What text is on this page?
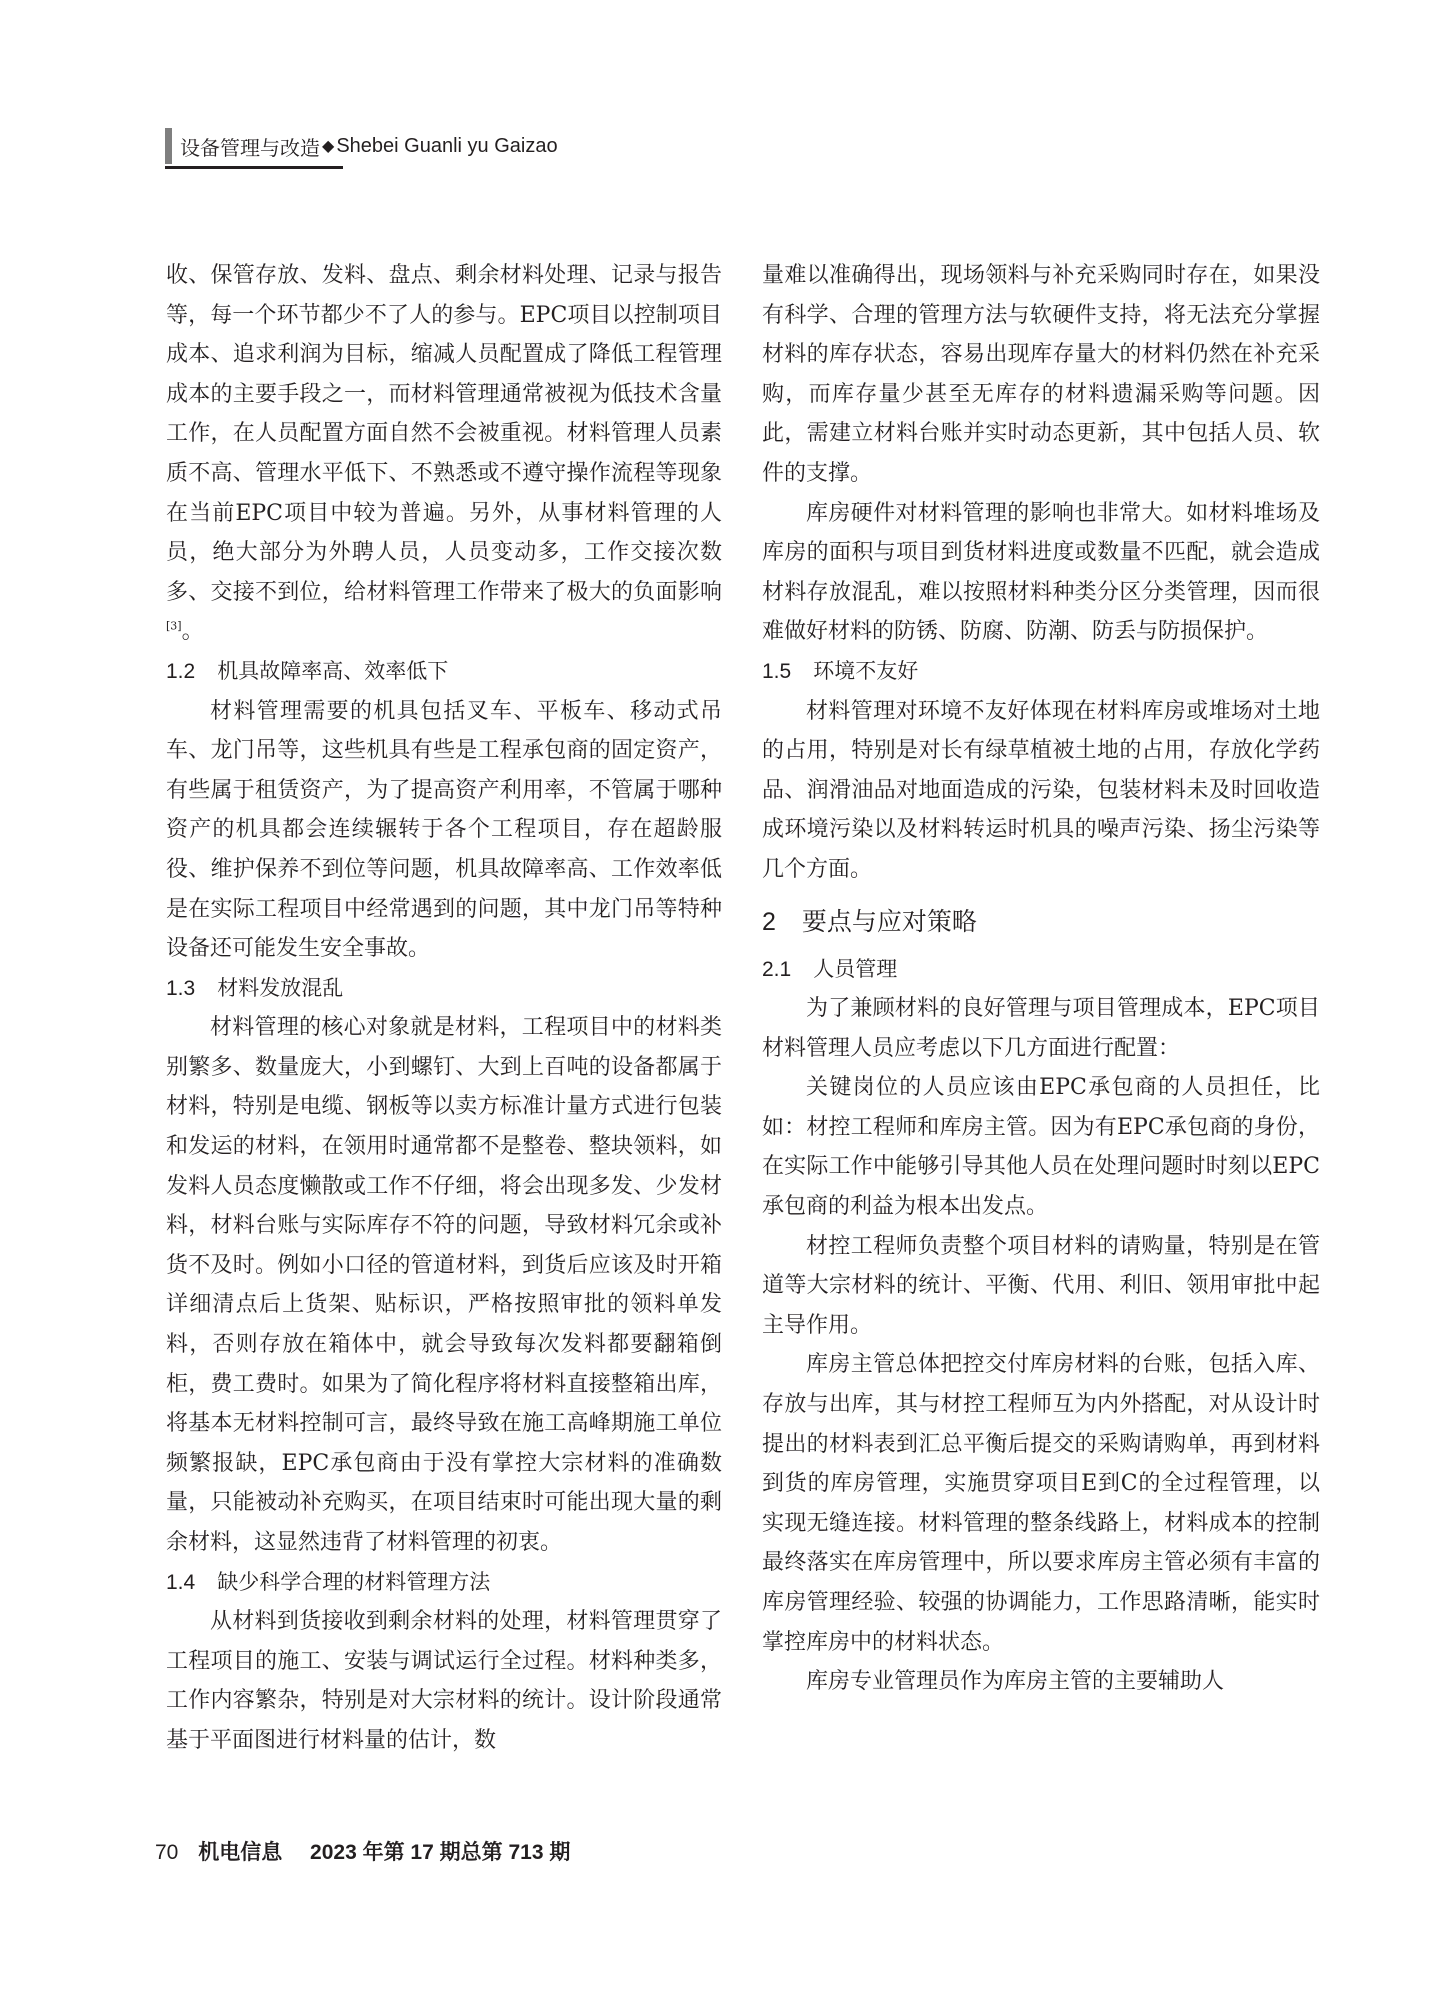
设备管理与改造 ◆ Shebei Guanli yu Gaizao

收、保管存放、发料、盘点、剩余材料处理、记录与报告等，每一个环节都少不了人的参与。EPC项目以控制项目成本、追求利润为目标，缩减人员配置成了降低工程管理成本的主要手段之一，而材料管理通常被视为低技术含量工作，在人员配置方面自然不会被重视。材料管理人员素质不高、管理水平低下、不熟悉或不遵守操作流程等现象在当前EPC项目中较为普遍。另外，从事材料管理的人员，绝大部分为外聘人员，人员变动多，工作交接次数多、交接不到位，给材料管理工作带来了极大的负面影响[3]。

1.2 机具故障率高、效率低下

材料管理需要的机具包括叉车、平板车、移动式吊车、龙门吊等，这些机具有些是工程承包商的固定资产，有些属于租赁资产，为了提高资产利用率，不管属于哪种资产的机具都会连续辗转于各个工程项目，存在超龄服役、维护保养不到位等问题，机具故障率高、工作效率低是在实际工程项目中经常遇到的问题，其中龙门吊等特种设备还可能发生安全事故。

1.3 材料发放混乱

材料管理的核心对象就是材料，工程项目中的材料类别繁多、数量庞大，小到螺钉、大到上百吨的设备都属于材料，特别是电缆、钢板等以卖方标准计量方式进行包装和发运的材料，在领用时通常都不是整卷、整块领料，如发料人员态度懒散或工作不仔细，将会出现多发、少发材料，材料台账与实际库存不符的问题，导致材料冗余或补货不及时。例如小口径的管道材料，到货后应该及时开箱详细清点后上货架、贴标识，严格按照审批的领料单发料，否则存放在箱体中，就会导致每次发料都要翻箱倒柜，费工费时。如果为了简化程序将材料直接整箱出库，将基本无材料控制可言，最终导致在施工高峰期施工单位频繁报缺，EPC承包商由于没有掌控大宗材料的准确数量，只能被动补充购买，在项目结束时可能出现大量的剩余材料，这显然违背了材料管理的初衷。

1.4 缺少科学合理的材料管理方法

从材料到货接收到剩余材料的处理，材料管理贯穿了工程项目的施工、安装与调试运行全过程。材料种类多，工作内容繁杂，特别是对大宗材料的统计。设计阶段通常基于平面图进行材料量的估计，数

量难以准确得出，现场领料与补充采购同时存在，如果没有科学、合理的管理方法与软硬件支持，将无法充分掌握材料的库存状态，容易出现库存量大的材料仍然在补充采购，而库存量少甚至无库存的材料遗漏采购等问题。因此，需建立材料台账并实时动态更新，其中包括人员、软件的支撑。

库房硬件对材料管理的影响也非常大。如材料堆场及库房的面积与项目到货材料进度或数量不匹配，就会造成材料存放混乱，难以按照材料种类分区分类管理，因而很难做好材料的防锈、防腐、防潮、防丢与防损保护。

1.5 环境不友好

材料管理对环境不友好体现在材料库房或堆场对土地的占用，特别是对长有绿草植被土地的占用，存放化学药品、润滑油品对地面造成的污染，包装材料未及时回收造成环境污染以及材料转运时机具的噪声污染、扬尘污染等几个方面。

2 要点与应对策略
2.1 人员管理

为了兼顾材料的良好管理与项目管理成本，EPC项目材料管理人员应考虑以下几方面进行配置：

关键岗位的人员应该由EPC承包商的人员担任，比如：材控工程师和库房主管。因为有EPC承包商的身份，在实际工作中能够引导其他人员在处理问题时时刻以EPC承包商的利益为根本出发点。

材控工程师负责整个项目材料的请购量，特别是在管道等大宗材料的统计、平衡、代用、利旧、领用审批中起主导作用。

库房主管总体把控交付库房材料的台账，包括入库、存放与出库，其与材控工程师互为内外搭配，对从设计时提出的材料表到汇总平衡后提交的采购请购单，再到材料到货的库房管理，实施贯穿项目E到C的全过程管理，以实现无缝连接。材料管理的整条线路上，材料成本的控制最终落实在库房管理中，所以要求库房主管必须有丰富的库房管理经验、较强的协调能力，工作思路清晰，能实时掌控库房中的材料状态。

库房专业管理员作为库房主管的主要辅助人

70 机电信息 2023 年第 17 期总第 713 期
